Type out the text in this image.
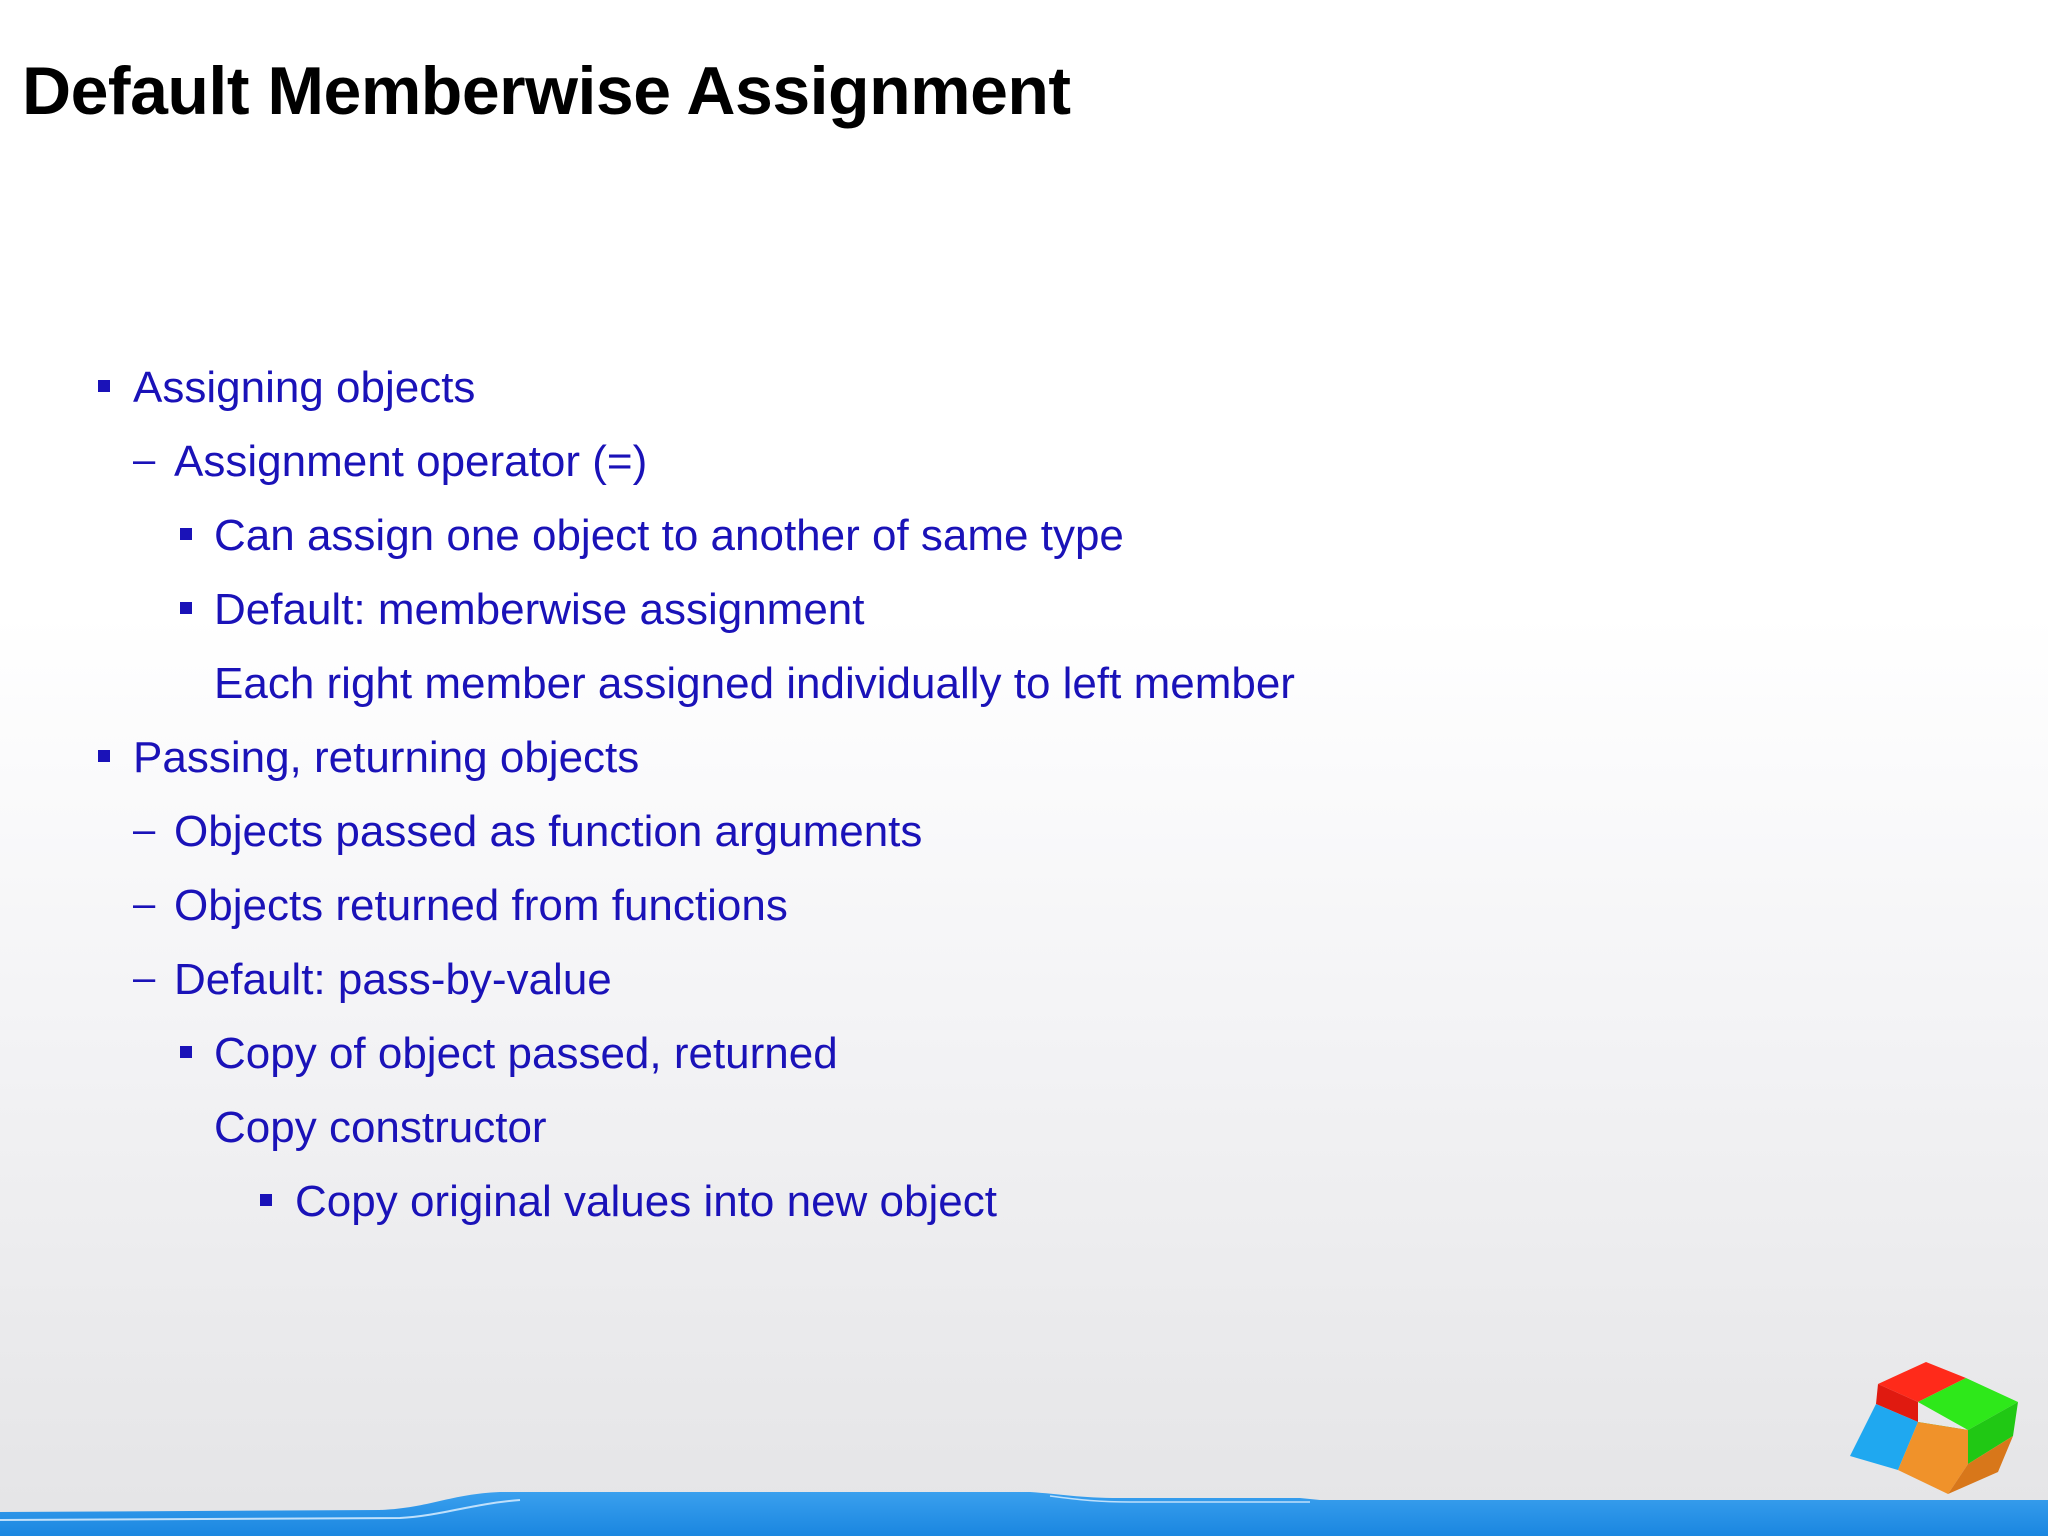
Default Memberwise Assignment
Assigning objects
– Assignment operator (=)
Can assign one object to another of same type
Default: memberwise assignment
Each right member assigned individually to left member
Passing, returning objects
– Objects passed as function arguments
– Objects returned from functions
– Default: pass-by-value
Copy of object passed, returned
Copy constructor
Copy original values into new object
